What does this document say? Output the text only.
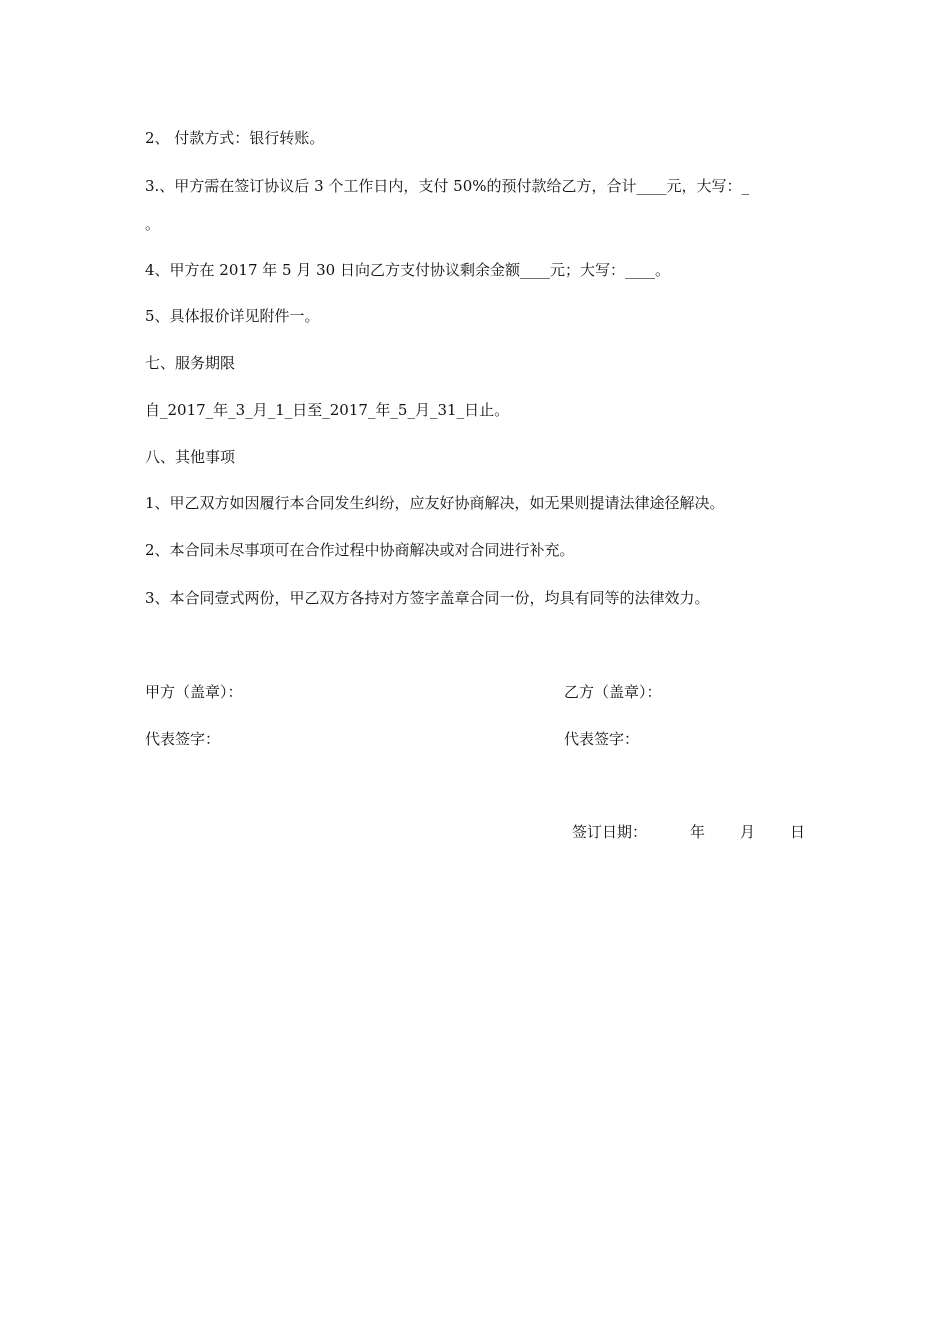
2、 付款方式：银行转账。
3.、甲方需在签订协议后 3 个工作日内，支付 50%的预付款给乙方，合计____元，大写：_
。
4、甲方在 2017 年 5 月 30 日向乙方支付协议剩余金额____元；大写：____。
5、具体报价详见附件一。
七、服务期限
自_2017_年_3_月_1_日至_2017_年_5_月_31_日止。
八、其他事项
1、甲乙双方如因履行本合同发生纠纷，应友好协商解决，如无果则提请法律途径解决。
2、本合同未尽事项可在合作过程中协商解决或对合同进行补充。
3、本合同壹式两份，甲乙双方各持对方签字盖章合同一份，均具有同等的法律效力。
甲方（盖章）：	乙方（盖章）：
代表签字：	代表签字：
签订日期：	年 月 日
